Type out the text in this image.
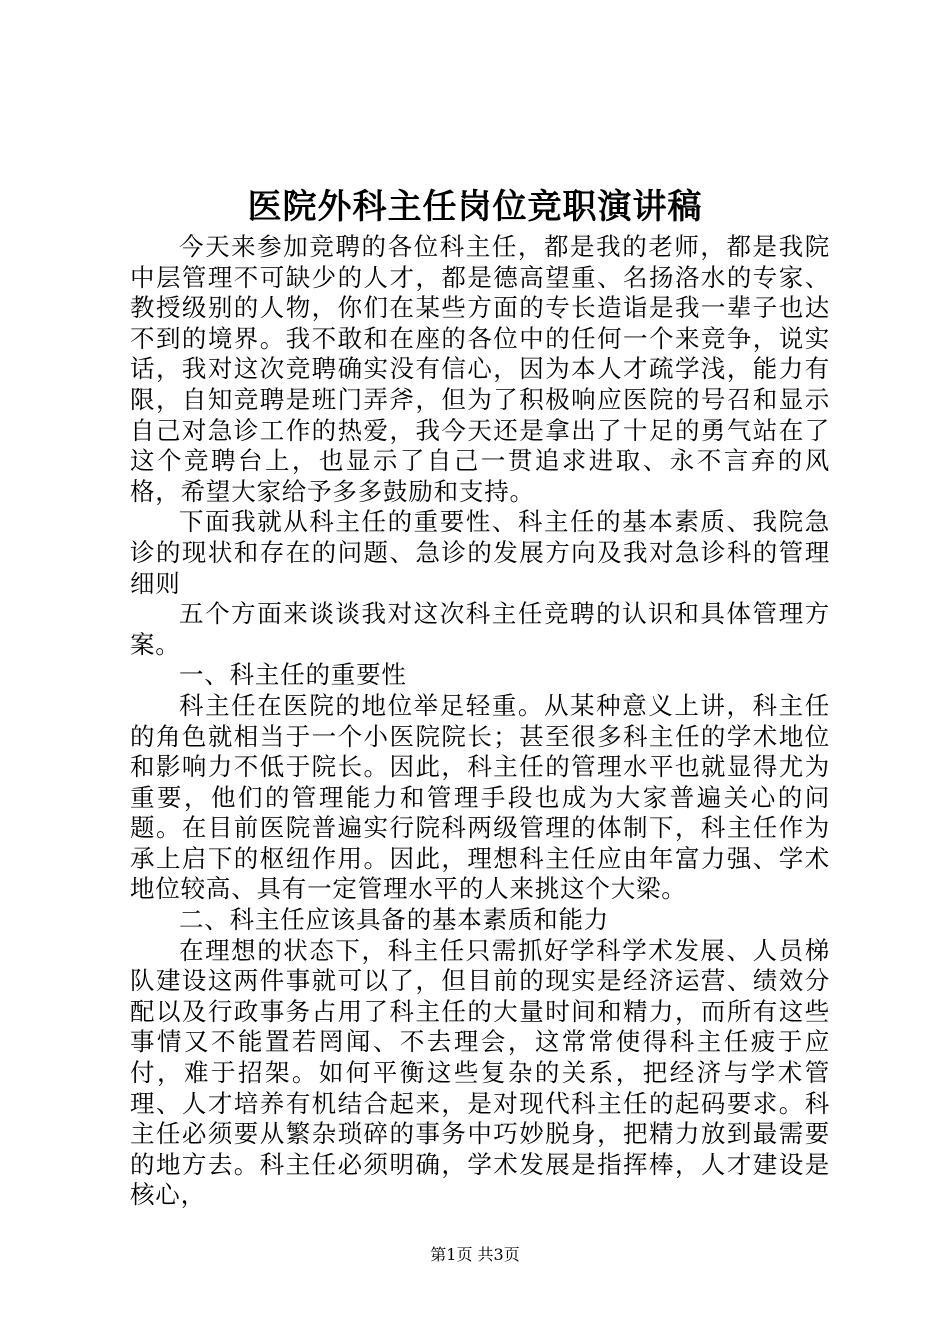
医院外科主任岗位竞职演讲稿

今天来参加竞聘的各位科主任，都是我的老师，都是我院中层管理不可缺少的人才，都是德高望重、名扬洛水的专家、教授级别的人物，你们在某些方面的专长造诣是我一辈子也达不到的境界。我不敢和在座的各位中的任何一个来竞争，说实话，我对这次竞聘确实没有信心，因为本人才疏学浅，能力有限，自知竞聘是班门弄斧，但为了积极响应医院的号召和显示自己对急诊工作的热爱，我今天还是拿出了十足的勇气站在了这个竞聘台上，也显示了自己一贯追求进取、永不言弃的风格，希望大家给予多多鼓励和支持。

下面我就从科主任的重要性、科主任的基本素质、我院急诊的现状和存在的问题、急诊的发展方向及我对急诊科的管理细则

五个方面来谈谈我对这次科主任竞聘的认识和具体管理方案。

一、科主任的重要性

科主任在医院的地位举足轻重。从某种意义上讲，科主任的角色就相当于一个小医院院长；甚至很多科主任的学术地位和影响力不低于院长。因此，科主任的管理水平也就显得尤为重要，他们的管理能力和管理手段也成为大家普遍关心的问题。在目前医院普遍实行院科两级管理的体制下，科主任作为承上启下的枢纽作用。因此，理想科主任应由年富力强、学术地位较高、具有一定管理水平的人来挑这个大梁。

二、科主任应该具备的基本素质和能力

在理想的状态下，科主任只需抓好学科学术发展、人员梯队建设这两件事就可以了，但目前的现实是经济运营、绩效分配以及行政事务占用了科主任的大量时间和精力，而所有这些事情又不能置若罔闻、不去理会，这常常使得科主任疲于应付，难于招架。如何平衡这些复杂的关系，把经济与学术管理、人才培养有机结合起来，是对现代科主任的起码要求。科主任必须要从繁杂琐碎的事务中巧妙脱身，把精力放到最需要的地方去。科主任必须明确，学术发展是指挥棒，人才建设是核心，

第1页 共3页
